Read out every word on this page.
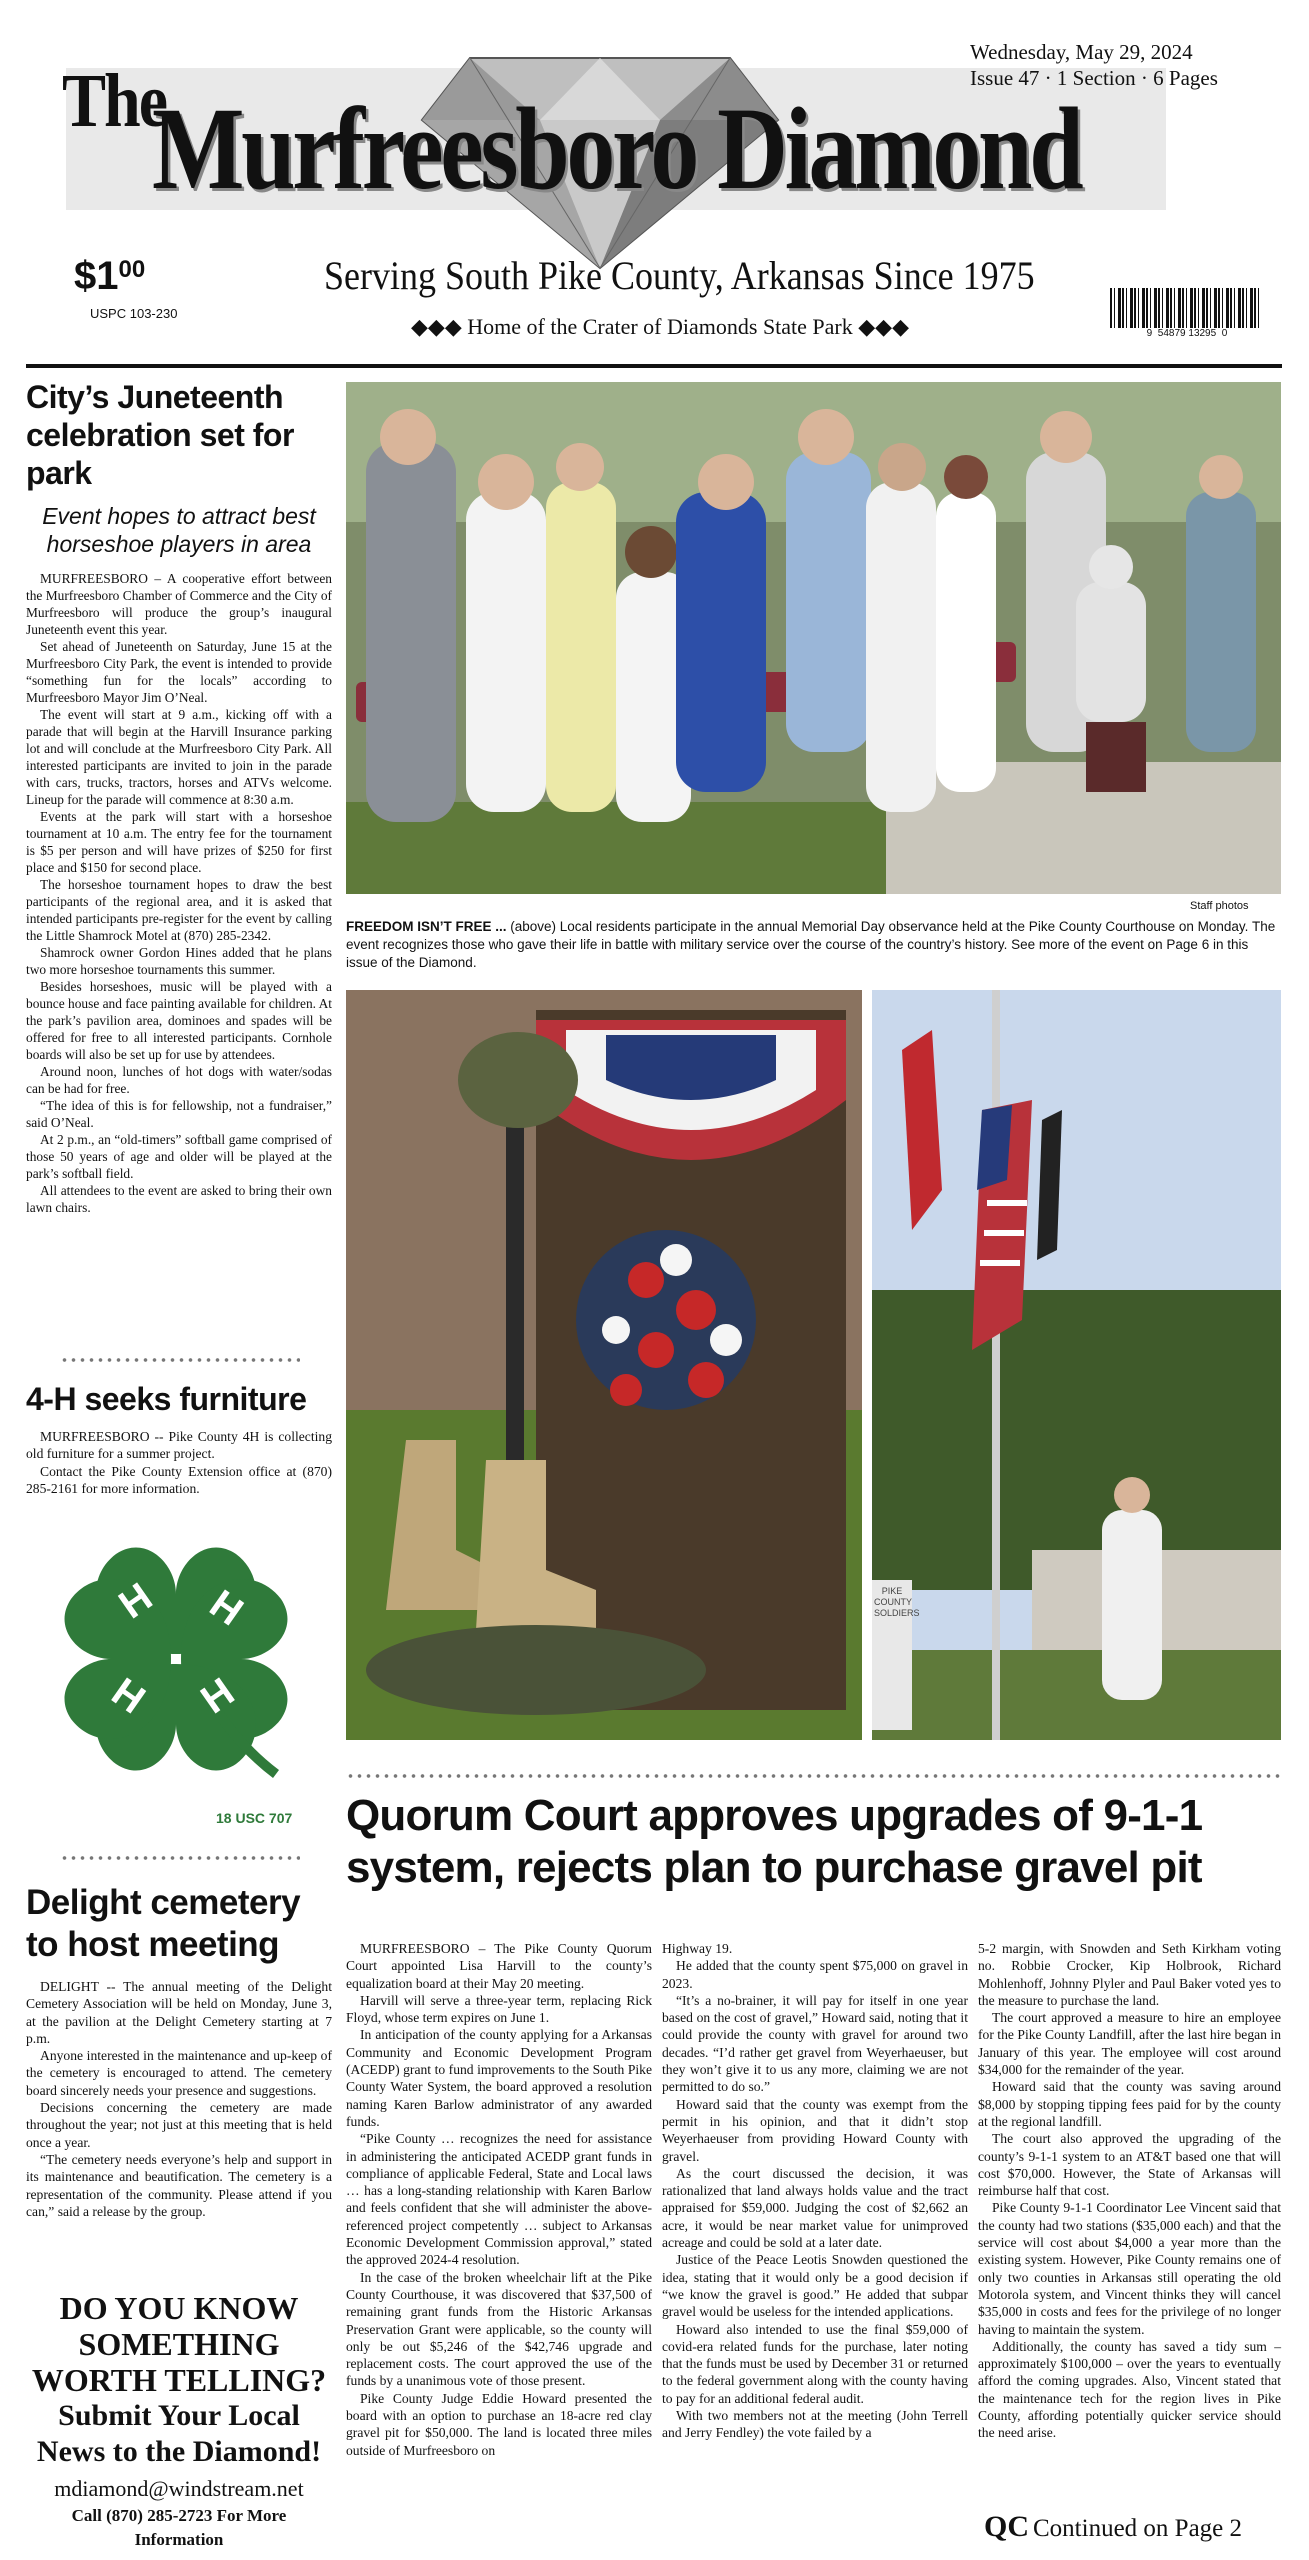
The
Murfreesboro Diamond
Wednesday, May 29, 2024
Issue 47 · 1 Section · 6 Pages
$100
USPC 103-230
Serving South Pike County, Arkansas Since 1975
◆◆◆ Home of the Crater of Diamonds State Park ◆◆◆	9  54879 13295  0
City’s Juneteenth celebration set for park
Event hopes to attract best horseshoe players in area

MURFREESBORO – A cooperative effort between the Murfreesboro Chamber of Commerce and the City of Murfreesboro will produce the group’s inaugural Juneteenth event this year.

Set ahead of Juneteenth on Saturday, June 15 at the Murfreesboro City Park, the event is intended to provide “something fun for the locals” according to Murfreesboro Mayor Jim O’Neal.

The event will start at 9 a.m., kicking off with a parade that will begin at the Harvill Insurance parking lot and will conclude at the Murfreesboro City Park. All interested participants are invited to join in the parade with cars, trucks, tractors, horses and ATVs welcome. Lineup for the parade will commence at 8:30 a.m.

Events at the park will start with a horseshoe tournament at 10 a.m. The entry fee for the tournament is $5 per person and will have prizes of $250 for first place and $150 for second place.

The horseshoe tournament hopes to draw the best participants of the regional area, and it is asked that intended participants pre-register for the event by calling the Little Shamrock Motel at (870) 285-2342.

Shamrock owner Gordon Hines added that he plans two more horseshoe tournaments this summer.

Besides horseshoes, music will be played with a bounce house and face painting available for children. At the park’s pavilion area, dominoes and spades will be offered for free to all interested participants. Cornhole boards will also be set up for use by attendees.

Around noon, lunches of hot dogs with water/sodas can be had for free.

“The idea of this is for fellowship, not a fundraiser,” said O’Neal.

At 2 p.m., an “old-timers” softball game comprised of those 50 years of age and older will be played at the park’s softball field.

All attendees to the event are asked to bring their own lawn chairs.

4-H seeks furniture

MURFREESBORO -- Pike County 4H is collecting old furniture for a summer project.

Contact the Pike County Extension office at (870) 285-2161 for more information.

H	H
H	H
18 USC 707
Delight cemetery to host meeting

DELIGHT -- The annual meeting of the Delight Cemetery Association will be held on Monday, June 3, at the pavilion at the Delight Cemetery starting at 7 p.m.

Anyone interested in the maintenance and up-keep of the cemetery is encouraged to attend. The cemetery board sincerely needs your presence and suggestions.

Decisions concerning the cemetery are made throughout the year; not just at this meeting that is held once a year.

“The cemetery needs everyone’s help and support in its maintenance and beautification. The cemetery is a representation of the community. Please attend if you can,” said a release by the group.

DO YOU KNOW
SOMETHING
WORTH TELLING?
Submit Your Local
News to the Diamond!
mdiamond@windstream.net
Call (870) 285-2723 For More Information
Staff photos
FREEDOM ISN’T FREE ... (above) Local residents participate in the annual Memorial Day observance held at the Pike County Courthouse on Monday. The event recognizes those who gave their life in battle with military service over the course of the country’s history. See more of the event on Page 6 in this issue of the Diamond.
PIKE COUNTY SOLDIERS
Quorum Court approves upgrades of 9-1-1 system, rejects plan to purchase gravel pit

MURFREESBORO – The Pike County Quorum Court appointed Lisa Harvill to the county’s equalization board at their May 20 meeting.

Harvill will serve a three-year term, replacing Rick Floyd, whose term expires on June 1.

In anticipation of the county applying for a Arkansas Community and Economic Development Program (ACEDP) grant to fund improvements to the South Pike County Water System, the board approved a resolution naming Karen Barlow administrator of any awarded funds.

“Pike County … recognizes the need for assistance in administering the anticipated ACEDP grant funds in compliance of applicable Federal, State and Local laws … has a long-standing relationship with Karen Barlow and feels confident that she will administer the above-referenced project competently … subject to Arkansas Economic Development Commission approval,” stated the approved 2024-4 resolution.

In the case of the broken wheelchair lift at the Pike County Courthouse, it was discovered that $37,500 of remaining grant funds from the Historic Arkansas Preservation Grant were applicable, so the county will only be out $5,246 of the $42,746 upgrade and replacement costs. The court approved the use of the funds by a unanimous vote of those present.

Pike County Judge Eddie Howard presented the board with an option to purchase an 18-acre red clay gravel pit for $50,000. The land is located three miles outside of Murfreesboro on

Highway 19.

He added that the county spent $75,000 on gravel in 2023.

“It’s a no-brainer, it will pay for itself in one year based on the cost of gravel,” Howard said, noting that it could provide the county with gravel for around two decades. “I’d rather get gravel from Weyerhaeuser, but they won’t give it to us any more, claiming we are not permitted to do so.”

Howard said that the county was exempt from the permit in his opinion, and that it didn’t stop Weyerhaeuser from providing Howard County with gravel.

As the court discussed the decision, it was rationalized that land always holds value and the tract appraised for $59,000. Judging the cost of $2,662 an acre, it would be near market value for unimproved acreage and could be sold at a later date.

Justice of the Peace Leotis Snowden questioned the idea, stating that it would only be a good decision if “we know the gravel is good.” He added that subpar gravel would be useless for the intended applications.

Howard also intended to use the final $59,000 of covid-era related funds for the purchase, later noting that the funds must be used by December 31 or returned to the federal government along with the county having to pay for an additional federal audit.

With two members not at the meeting (John Terrell and Jerry Fendley) the vote failed by a

5-2 margin, with Snowden and Seth Kirkham voting no. Robbie Crocker, Kip Holbrook, Richard Mohlenhoff, Johnny Plyler and Paul Baker voted yes to the measure to purchase the land.

The court approved a measure to hire an employee for the Pike County Landfill, after the last hire began in January of this year. The employee will cost around $34,000 for the remainder of the year.

Howard said that the county was saving around $8,000 by stopping tipping fees paid for by the county at the regional landfill.

The court also approved the upgrading of the county’s 9-1-1 system to an AT&T based one that will cost $70,000. However, the State of Arkansas will reimburse half that cost.

Pike County 9-1-1 Coordinator Lee Vincent said that the county had two stations ($35,000 each) and that the service will cost about $4,000 a year more than the existing system. However, Pike County remains one of only two counties in Arkansas still operating the old Motorola system, and Vincent thinks they will cancel $35,000 in costs and fees for the privilege of no longer having to maintain the system.

Additionally, the county has saved a tidy sum – approximately $100,000 – over the years to eventually afford the coming upgrades. Also, Vincent stated that the maintenance tech for the region lives in Pike County, affording potentially quicker service should the need arise.

QC Continued on Page 2
